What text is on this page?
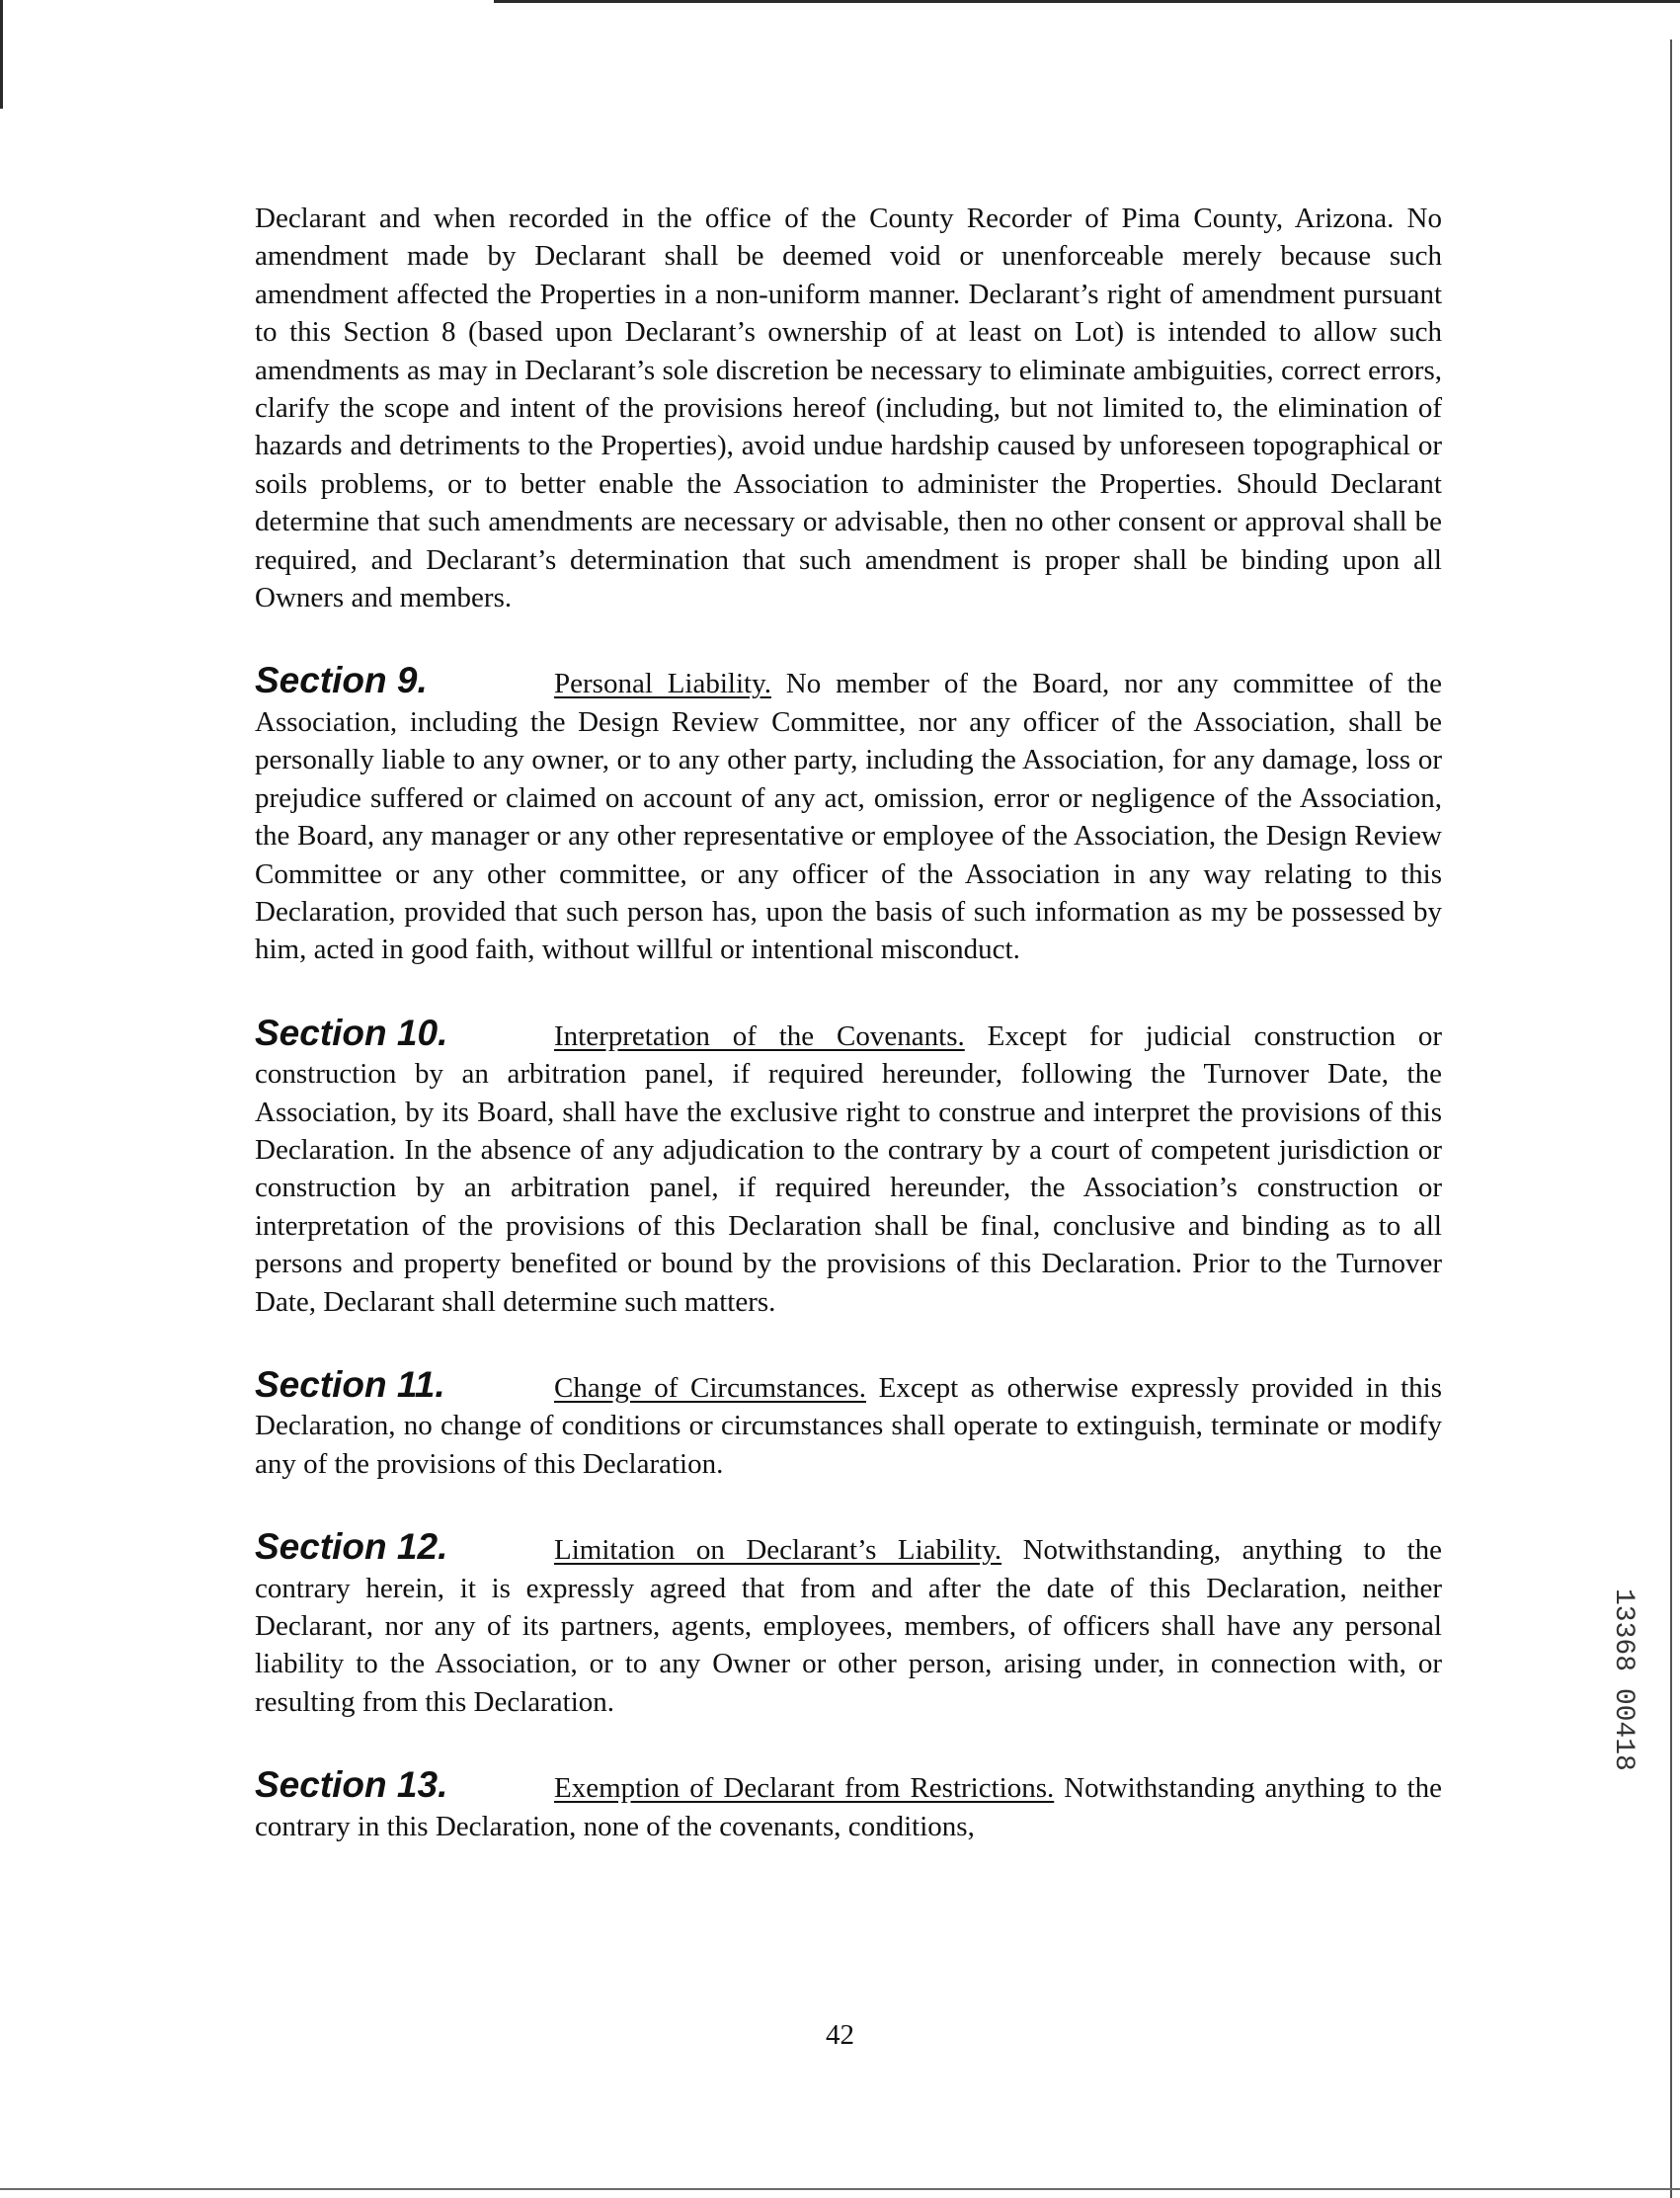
Declarant and when recorded in the office of the County Recorder of Pima County, Arizona. No amendment made by Declarant shall be deemed void or unenforceable merely because such amendment affected the Properties in a non-uniform manner. Declarant’s right of amendment pursuant to this Section 8 (based upon Declarant’s ownership of at least on Lot) is intended to allow such amendments as may in Declarant’s sole discretion be necessary to eliminate ambiguities, correct errors, clarify the scope and intent of the provisions hereof (including, but not limited to, the elimination of hazards and detriments to the Properties), avoid undue hardship caused by unforeseen topographical or soils problems, or to better enable the Association to administer the Properties. Should Declarant determine that such amendments are necessary or advisable, then no other consent or approval shall be required, and Declarant’s determination that such amendment is proper shall be binding upon all Owners and members.

Section 9.	Personal Liability. No member of the Board, nor any committee of the Association, including the Design Review Committee, nor any officer of the Association, shall be personally liable to any owner, or to any other party, including the Association, for any damage, loss or prejudice suffered or claimed on account of any act, omission, error or negligence of the Association, the Board, any manager or any other representative or employee of the Association, the Design Review Committee or any other committee, or any officer of the Association in any way relating to this Declaration, provided that such person has, upon the basis of such information as my be possessed by him, acted in good faith, without willful or intentional misconduct.

Section 10.	Interpretation of the Covenants. Except for judicial construction or construction by an arbitration panel, if required hereunder, following the Turnover Date, the Association, by its Board, shall have the exclusive right to construe and interpret the provisions of this Declaration. In the absence of any adjudication to the contrary by a court of competent jurisdiction or construction by an arbitration panel, if required hereunder, the Association’s construction or interpretation of the provisions of this Declaration shall be final, conclusive and binding as to all persons and property benefited or bound by the provisions of this Declaration. Prior to the Turnover Date, Declarant shall determine such matters.

Section 11.	Change of Circumstances. Except as otherwise expressly provided in this Declaration, no change of conditions or circumstances shall operate to extinguish, terminate or modify any of the provisions of this Declaration.

Section 12.	Limitation on Declarant’s Liability. Notwithstanding, anything to the contrary herein, it is expressly agreed that from and after the date of this Declaration, neither Declarant, nor any of its partners, agents, employees, members, of officers shall have any personal liability to the Association, or to any Owner or other person, arising under, in connection with, or resulting from this Declaration.

Section 13.	Exemption of Declarant from Restrictions. Notwithstanding anything to the contrary in this Declaration, none of the covenants, conditions,

42
13368 00418
